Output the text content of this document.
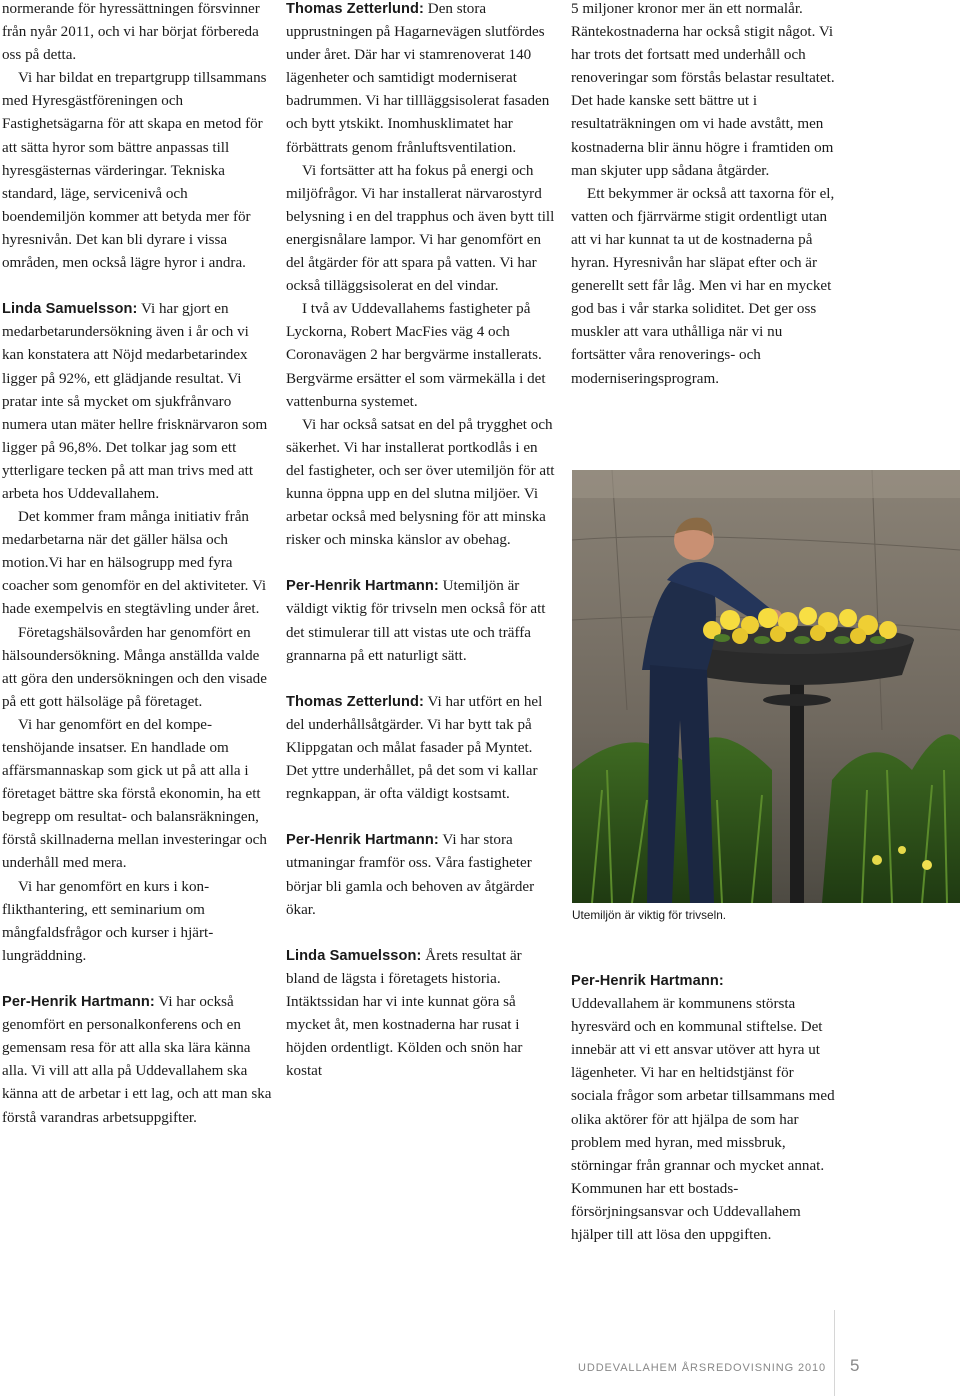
normerande för hyressättningen försvinner från nyår 2011, och vi har börjat förbereda oss på detta.

Vi har bildat en trepartgrupp tillsammans med Hyresgästföreningen och Fastighetsägarna för att skapa en metod för att sätta hyror som bättre anpassas till hyresgästernas värderingar. Tekniska standard, läge, servicenivå och boendemiljön kommer att betyda mer för hyresnivån. Det kan bli dyrare i vissa områden, men också lägre hyror i andra.

Linda Samuelsson: Vi har gjort en medarbetarundersökning även i år och vi kan konstatera att Nöjd medarbetarindex ligger på 92%, ett glädjande resultat. Vi pratar inte så mycket om sjukfrånvaro numera utan mäter hellre frisknärvaron som ligger på 96,8%. Det tolkar jag som ett ytterligare tecken på att man trivs med att arbeta hos Uddevallahem.

Det kommer fram många initiativ från medarbetarna när det gäller hälsa och motion.Vi har en hälsogrupp med fyra coacher som genomför en del aktiviteter. Vi hade exempelvis en stegtävling under året.

Företagshälsovården har genomfört en hälsoundersökning. Många anställda valde att göra den undersökningen och den visade på ett gott hälsoläge på företaget.

Vi har genomfört en del kompetenshöjande insatser. En handlade om affärsmannaskap som gick ut på att alla i företaget bättre ska förstå ekonomin, ha ett begrepp om resultat- och balansräkningen, förstå skillnaderna mellan investeringar och underhåll med mera.

Vi har genomfört en kurs i konflikthantering, ett seminarium om mångfaldsfrågor och kurser i hjärtlungräddning.

Per-Henrik Hartmann: Vi har också genomfört en personalkonferens och en gemensam resa för att alla ska lära känna alla. Vi vill att alla på Uddevallahem ska känna att de arbetar i ett lag, och att man ska förstå varandras arbetsuppgifter.

Thomas Zetterlund: Den stora upprustningen på Hagarnevägen slutfördes under året. Där har vi stamrenoverat 140 lägenheter och samtidigt moderniserat badrummen. Vi har tillläggsisolerat fasaden och bytt ytskikt. Inomhusklimatet har förbättrats genom frånluftsventilation.

Vi fortsätter att ha fokus på energi och miljöfrågor. Vi har installerat närvarostyrd belysning i en del trapphus och även bytt till energisnålare lampor. Vi har genomfört en del åtgärder för att spara på vatten. Vi har också tilläggsisolerat en del vindar.

I två av Uddevallahems fastigheter på Lyckorna, Robert MacFies väg 4 och Coronavägen 2 har bergvärme installerats. Bergvärme ersätter el som värmekälla i det vattenburna systemet.

Vi har också satsat en del på trygghet och säkerhet. Vi har installerat portkodlås i en del fastigheter, och ser över utemiljön för att kunna öppna upp en del slutna miljöer. Vi arbetar också med belysning för att minska risker och minska känslor av obehag.

Per-Henrik Hartmann: Utemiljön är väldigt viktig för trivseln men också för att det stimulerar till att vistas ute och träffa grannarna på ett naturligt sätt.

Thomas Zetterlund: Vi har utfört en hel del underhållsåtgärder. Vi har bytt tak på Klippgatan och målat fasader på Myntet. Det yttre underhållet, på det som vi kallar regnkappan, är ofta väldigt kostsamt.

Per-Henrik Hartmann: Vi har stora utmaningar framför oss. Våra fastigheter börjar bli gamla och behoven av åtgärder ökar.

Linda Samuelsson: Årets resultat är bland de lägsta i företagets historia. Intäktssidan har vi inte kunnat göra så mycket åt, men kostnaderna har rusat i höjden ordentligt. Kölden och snön har kostat

5 miljoner kronor mer än ett normalår. Räntekostnaderna har också stigit något. Vi har trots det fortsatt med underhåll och renoveringar som förstås belastar resultatet. Det hade kanske sett bättre ut i resultaträkningen om vi hade avstått, men kostnaderna blir ännu högre i framtiden om man skjuter upp sådana åtgärder.

Ett bekymmer är också att taxorna för el, vatten och fjärrvärme stigit ordentligt utan att vi har kunnat ta ut de kostnaderna på hyran. Hyresnivån har släpat efter och är generellt sett får låg. Men vi har en mycket god bas i vår starka soliditet. Det ger oss muskler att vara uthålliga när vi nu fortsätter våra renoverings- och moderniseringsprogram.

Utemiljön är viktig för trivseln.

Per-Henrik Hartmann:

Uddevallahem är kommunens största hyresvärd och en kommunal stiftelse. Det innebär att vi ett ansvar utöver att hyra ut lägenheter. Vi har en heltidstjänst för sociala frågor som arbetar tillsammans med olika aktörer för att hjälpa de som har problem med hyran, med missbruk, störningar från grannar och mycket annat. Kommunen har ett bostadsförsörjningsansvar och Uddevallahem hjälper till att lösa den uppgiften.

UDDEVALLAHEM ÅRSREDOVISNING 2010 5
